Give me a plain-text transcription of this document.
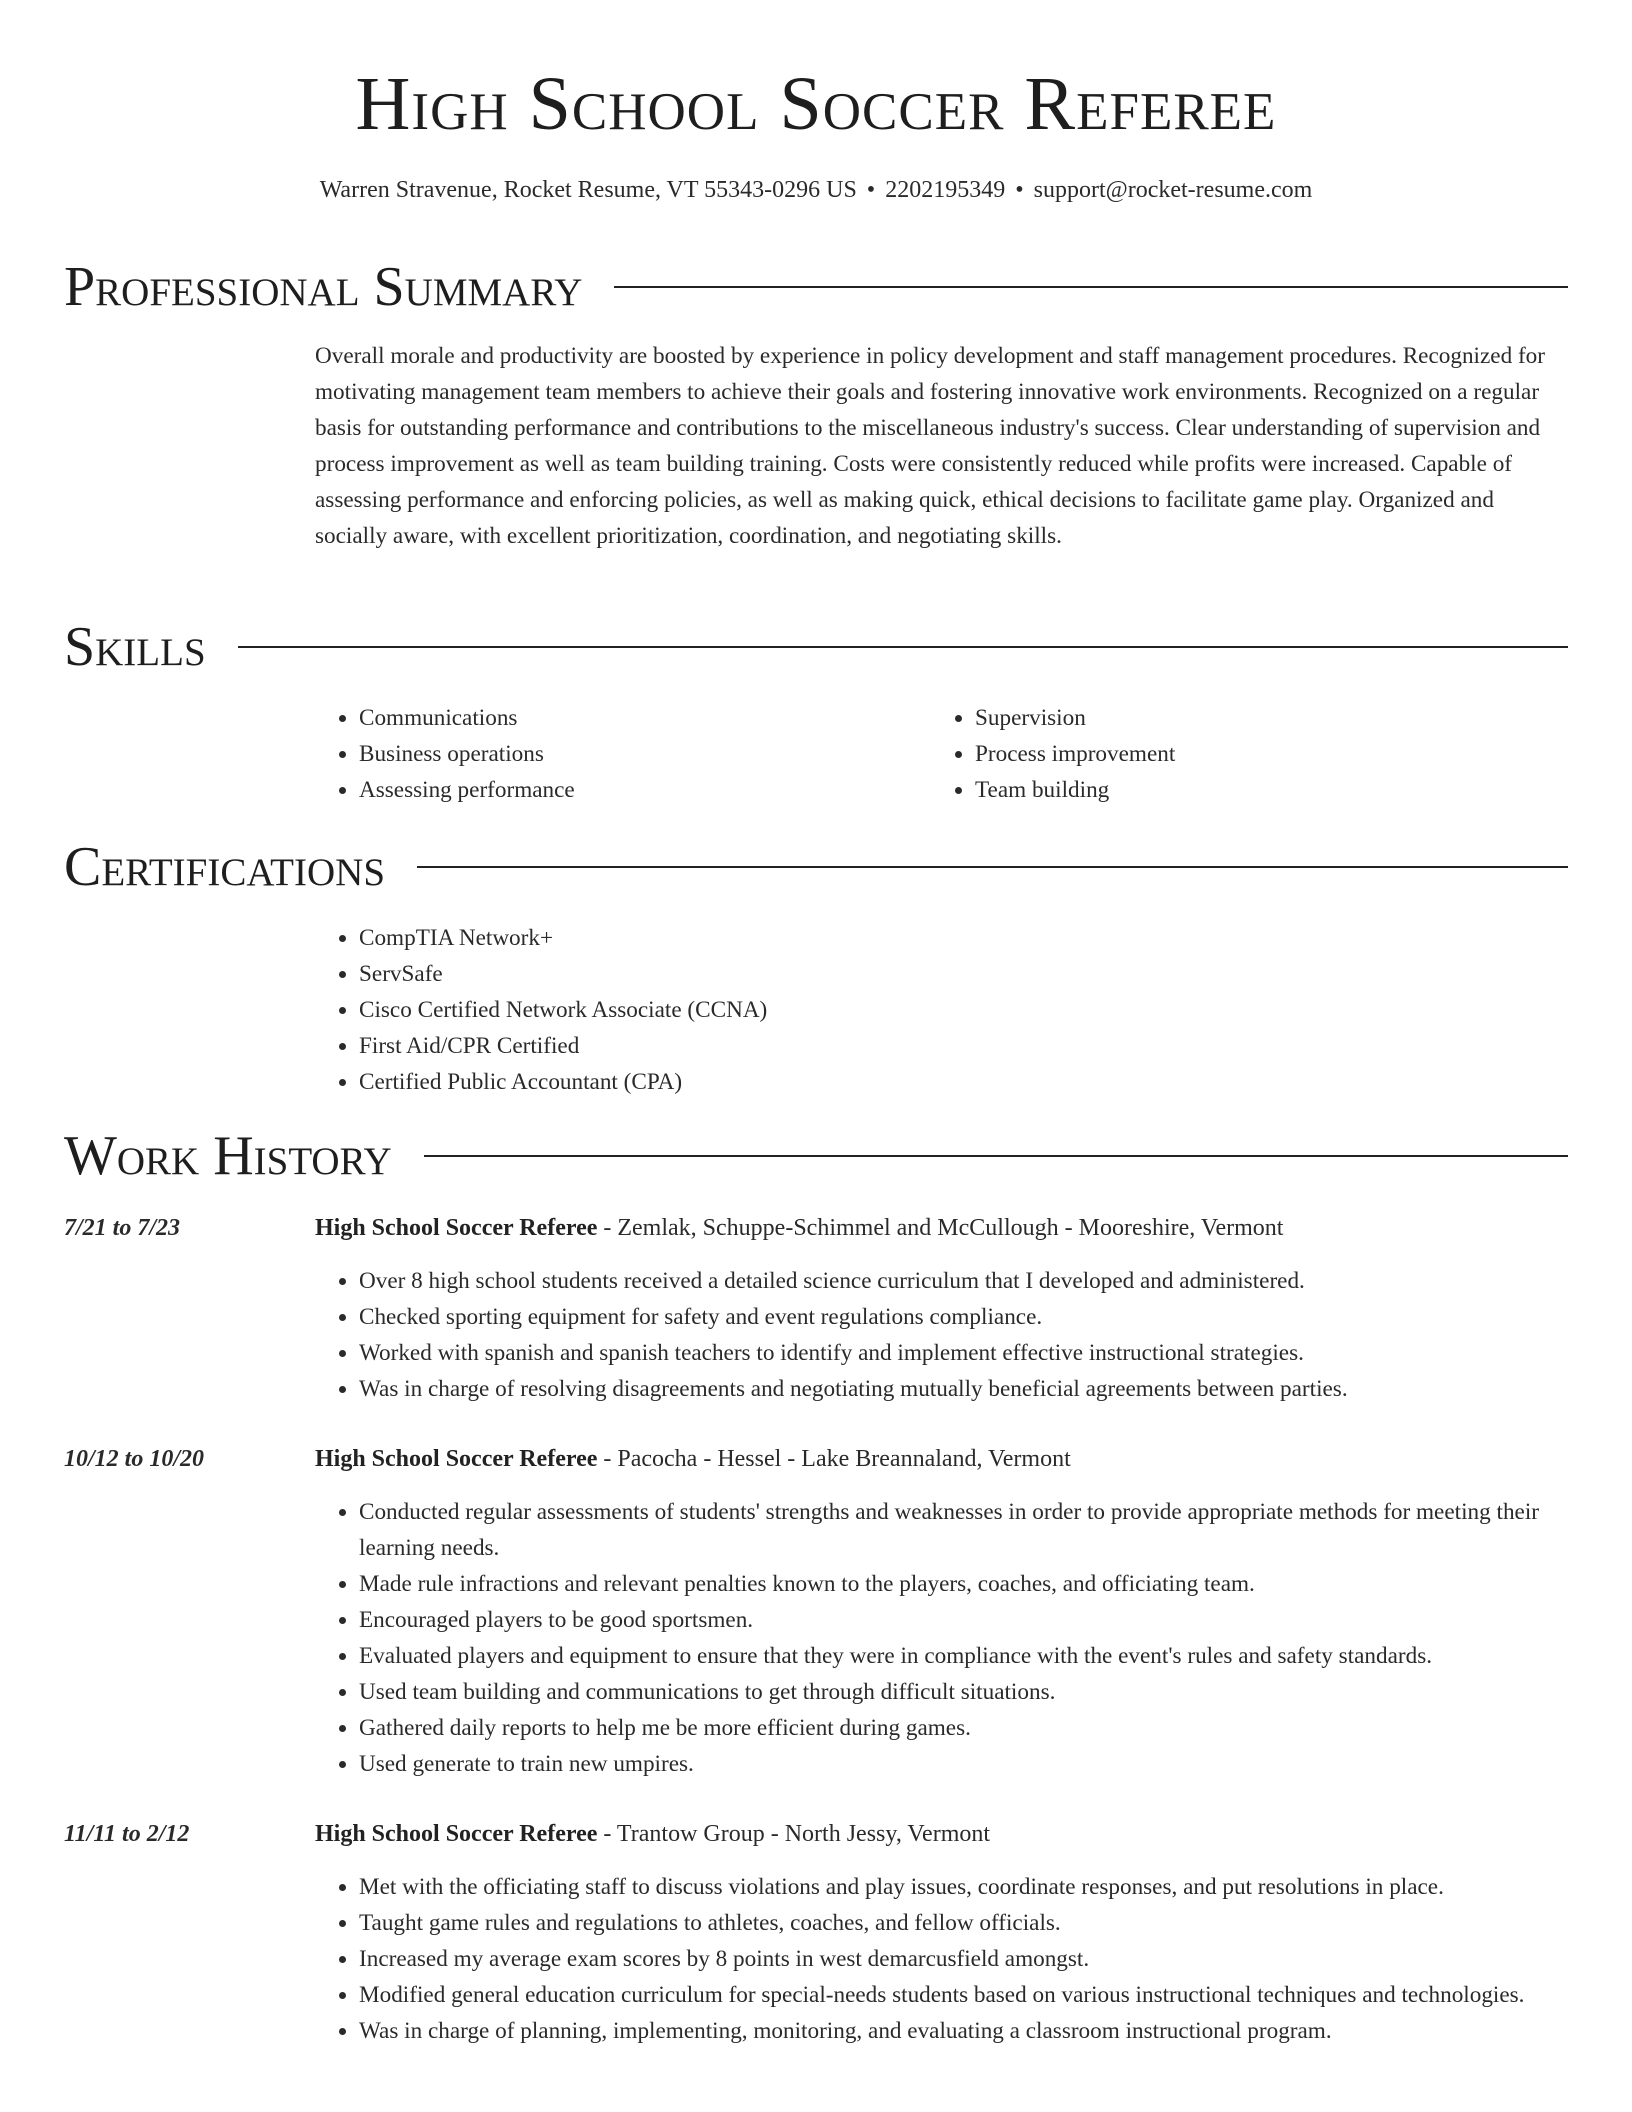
High School Soccer Referee
Warren Stravenue, Rocket Resume, VT 55343-0296 US • 2202195349 • support@rocket-resume.com
Professional Summary
Overall morale and productivity are boosted by experience in policy development and staff management procedures. Recognized for motivating management team members to achieve their goals and fostering innovative work environments. Recognized on a regular basis for outstanding performance and contributions to the miscellaneous industry's success. Clear understanding of supervision and process improvement as well as team building training. Costs were consistently reduced while profits were increased. Capable of assessing performance and enforcing policies, as well as making quick, ethical decisions to facilitate game play. Organized and socially aware, with excellent prioritization, coordination, and negotiating skills.
Skills
• Communications
• Business operations
• Assessing performance
• Supervision
• Process improvement
• Team building
Certifications
• CompTIA Network+
• ServSafe
• Cisco Certified Network Associate (CCNA)
• First Aid/CPR Certified
• Certified Public Accountant (CPA)
Work History
7/21 to 7/23	High School Soccer Referee - Zemlak, Schuppe-Schimmel and McCullough - Mooreshire, Vermont
• Over 8 high school students received a detailed science curriculum that I developed and administered.
• Checked sporting equipment for safety and event regulations compliance.
• Worked with spanish and spanish teachers to identify and implement effective instructional strategies.
• Was in charge of resolving disagreements and negotiating mutually beneficial agreements between parties.
10/12 to 10/20	High School Soccer Referee - Pacocha - Hessel - Lake Breannaland, Vermont
• Conducted regular assessments of students' strengths and weaknesses in order to provide appropriate methods for meeting their learning needs.
• Made rule infractions and relevant penalties known to the players, coaches, and officiating team.
• Encouraged players to be good sportsmen.
• Evaluated players and equipment to ensure that they were in compliance with the event's rules and safety standards.
• Used team building and communications to get through difficult situations.
• Gathered daily reports to help me be more efficient during games.
• Used generate to train new umpires.
11/11 to 2/12	High School Soccer Referee - Trantow Group - North Jessy, Vermont
• Met with the officiating staff to discuss violations and play issues, coordinate responses, and put resolutions in place.
• Taught game rules and regulations to athletes, coaches, and fellow officials.
• Increased my average exam scores by 8 points in west demarcusfield amongst.
• Modified general education curriculum for special-needs students based on various instructional techniques and technologies.
• Was in charge of planning, implementing, monitoring, and evaluating a classroom instructional program.
